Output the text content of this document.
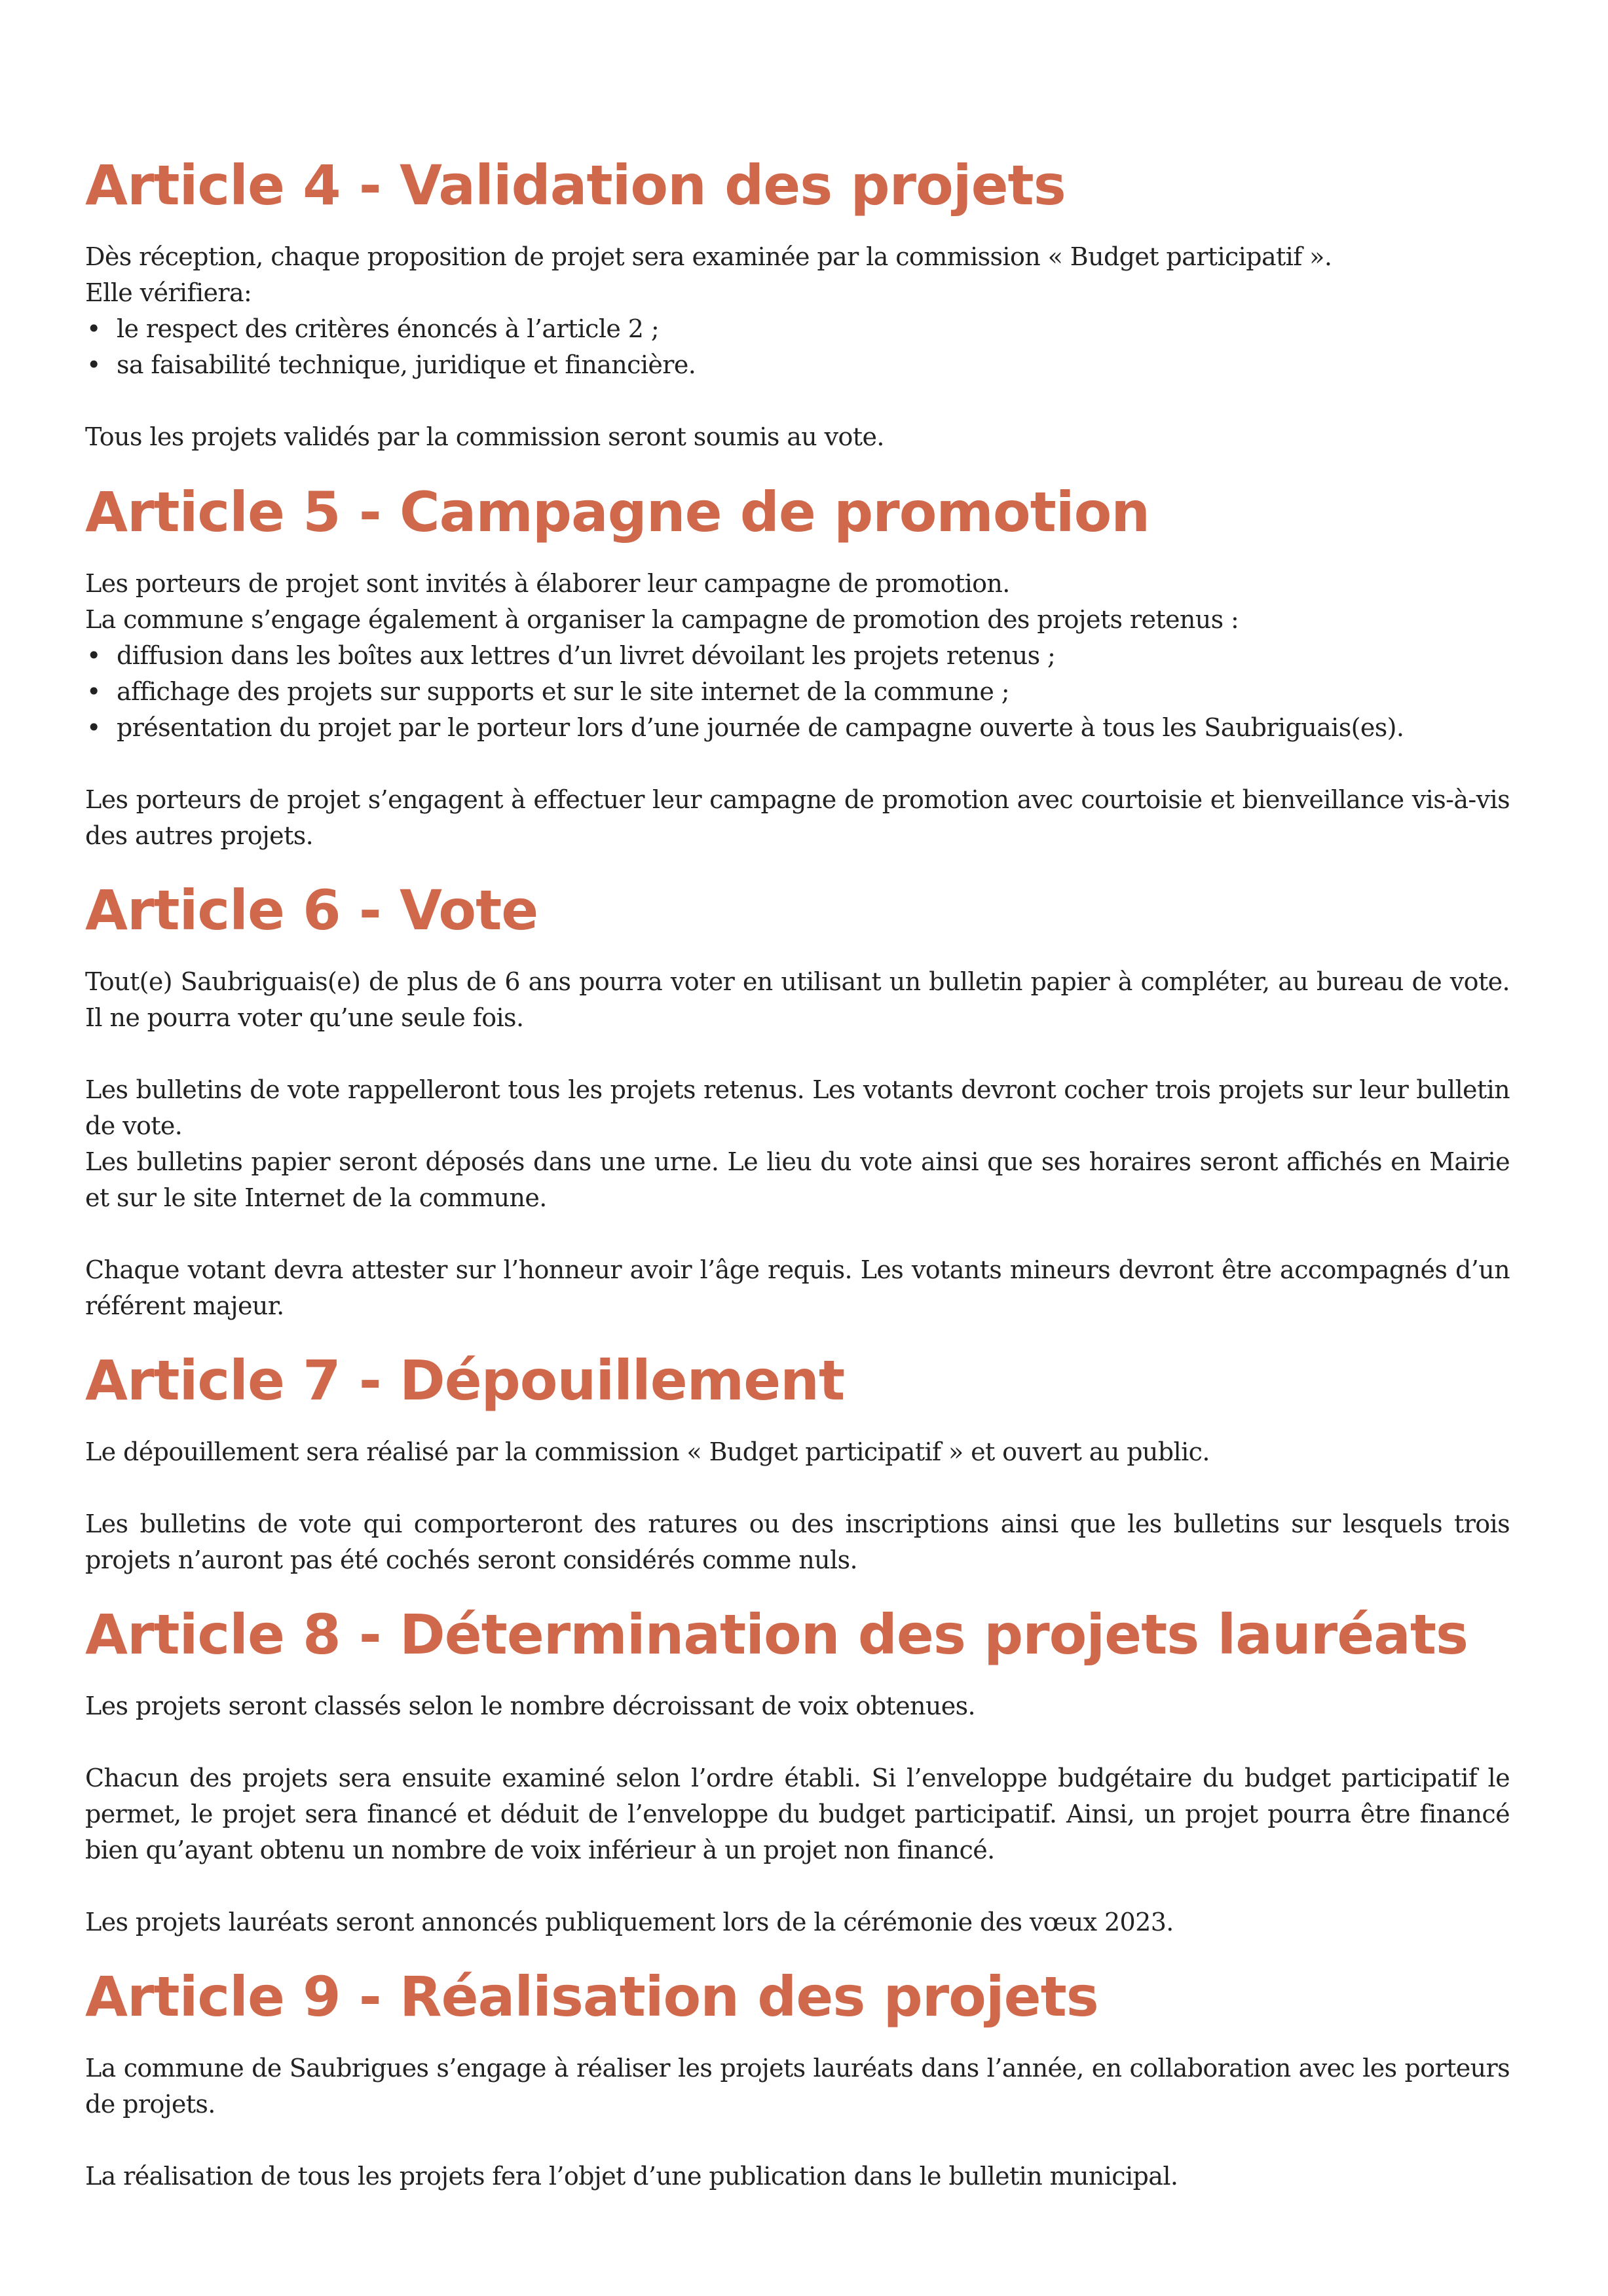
Article 4 - Validation des projets

Dès réception, chaque proposition de projet sera examinée par la commission « Budget participatif ».

Elle vérifiera:

• le respect des critères énoncés à l’article 2 ;
• sa faisabilité technique, juridique et financière.

Tous les projets validés par la commission seront soumis au vote.

Article 5 - Campagne de promotion

Les porteurs de projet sont invités à élaborer leur campagne de promotion.

La commune s’engage également à organiser la campagne de promotion des projets retenus :

• diffusion dans les boîtes aux lettres d’un livret dévoilant les projets retenus ;
• affichage des projets sur supports et sur le site internet de la commune ;
• présentation du projet par le porteur lors d’une journée de campagne ouverte à tous les Saubriguais(es).

Les porteurs de projet s’engagent à effectuer leur campagne de promotion avec courtoisie et bienveillance vis-à-vis des autres projets.

Article 6 - Vote

Tout(e) Saubriguais(e) de plus de 6 ans pourra voter en utilisant un bulletin papier à compléter, au bureau de vote. Il ne pourra voter qu’une seule fois.

Les bulletins de vote rappelleront tous les projets retenus. Les votants devront cocher trois projets sur leur bulletin de vote.

Les bulletins papier seront déposés dans une urne. Le lieu du vote ainsi que ses horaires seront affichés en Mairie et sur le site Internet de la commune.

Chaque votant devra attester sur l’honneur avoir l’âge requis. Les votants mineurs devront être accompagnés d’un référent majeur.

Article 7 - Dépouillement

Le dépouillement sera réalisé par la commission « Budget participatif » et ouvert au public.

Les bulletins de vote qui comporteront des ratures ou des inscriptions ainsi que les bulletins sur lesquels trois projets n’auront pas été cochés seront considérés comme nuls.

Article 8 - Détermination des projets lauréats

Les projets seront classés selon le nombre décroissant de voix obtenues.

Chacun des projets sera ensuite examiné selon l’ordre établi. Si l’enveloppe budgétaire du budget participatif le permet, le projet sera financé et déduit de l’enveloppe du budget participatif. Ainsi, un projet pourra être financé bien qu’ayant obtenu un nombre de voix inférieur à un projet non financé.

Les projets lauréats seront annoncés publiquement lors de la cérémonie des vœux 2023.

Article 9 - Réalisation des projets

La commune de Saubrigues s’engage à réaliser les projets lauréats dans l’année, en collaboration avec les porteurs de projets.

La réalisation de tous les projets fera l’objet d’une publication dans le bulletin municipal.
